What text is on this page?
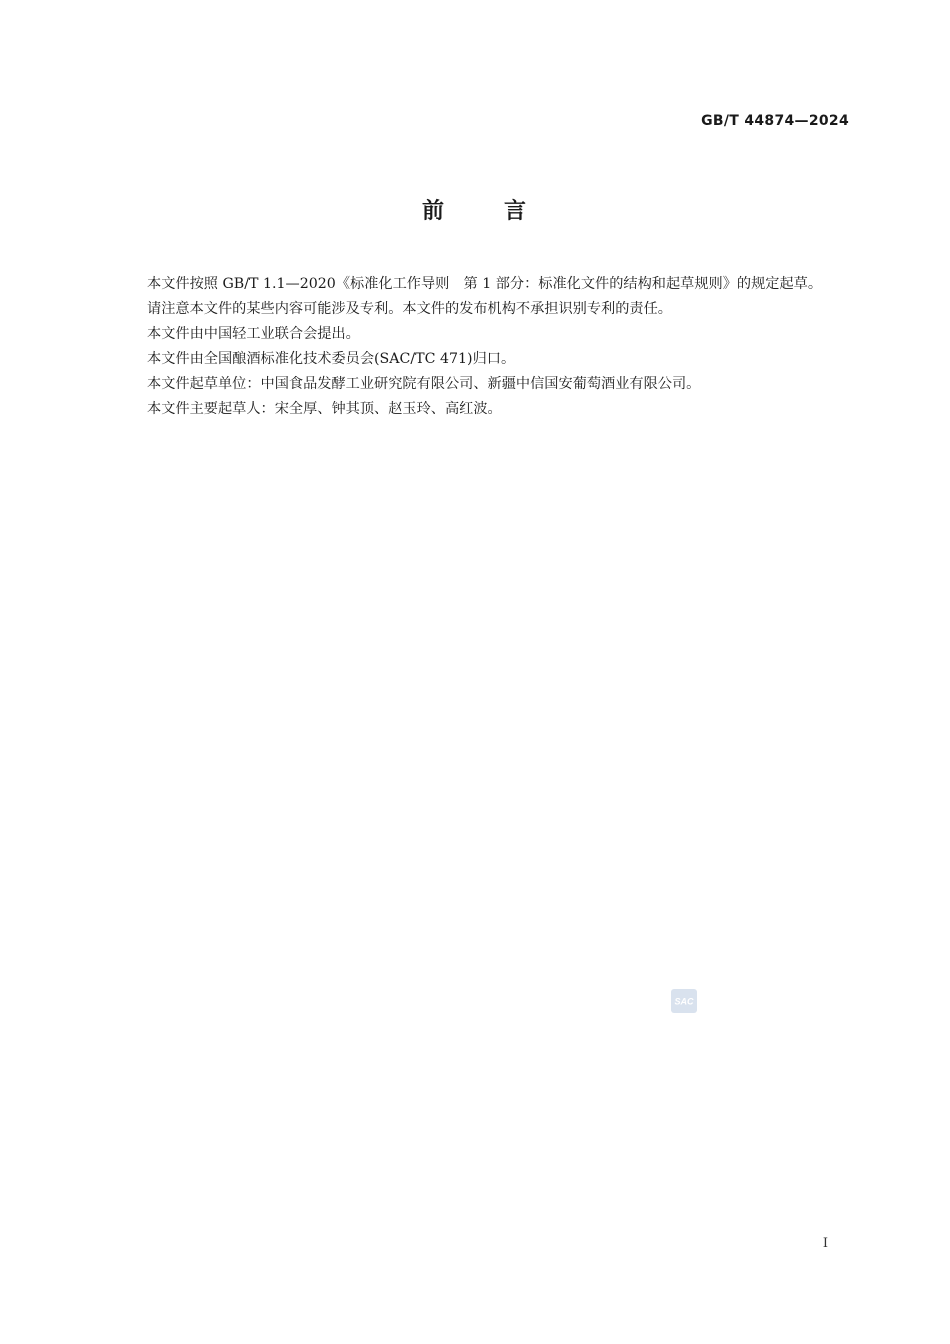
GB/T 44874—2024
前	言

本文件按照 GB/T 1.1—2020《标准化工作导则　第 1 部分：标准化文件的结构和起草规则》的规定起草。

请注意本文件的某些内容可能涉及专利。本文件的发布机构不承担识别专利的责任。

本文件由中国轻工业联合会提出。

本文件由全国酿酒标准化技术委员会(SAC/TC 471)归口。

本文件起草单位：中国食品发酵工业研究院有限公司、新疆中信国安葡萄酒业有限公司。

本文件主要起草人：宋全厚、钟其顶、赵玉玲、高红波。

SAC
I
